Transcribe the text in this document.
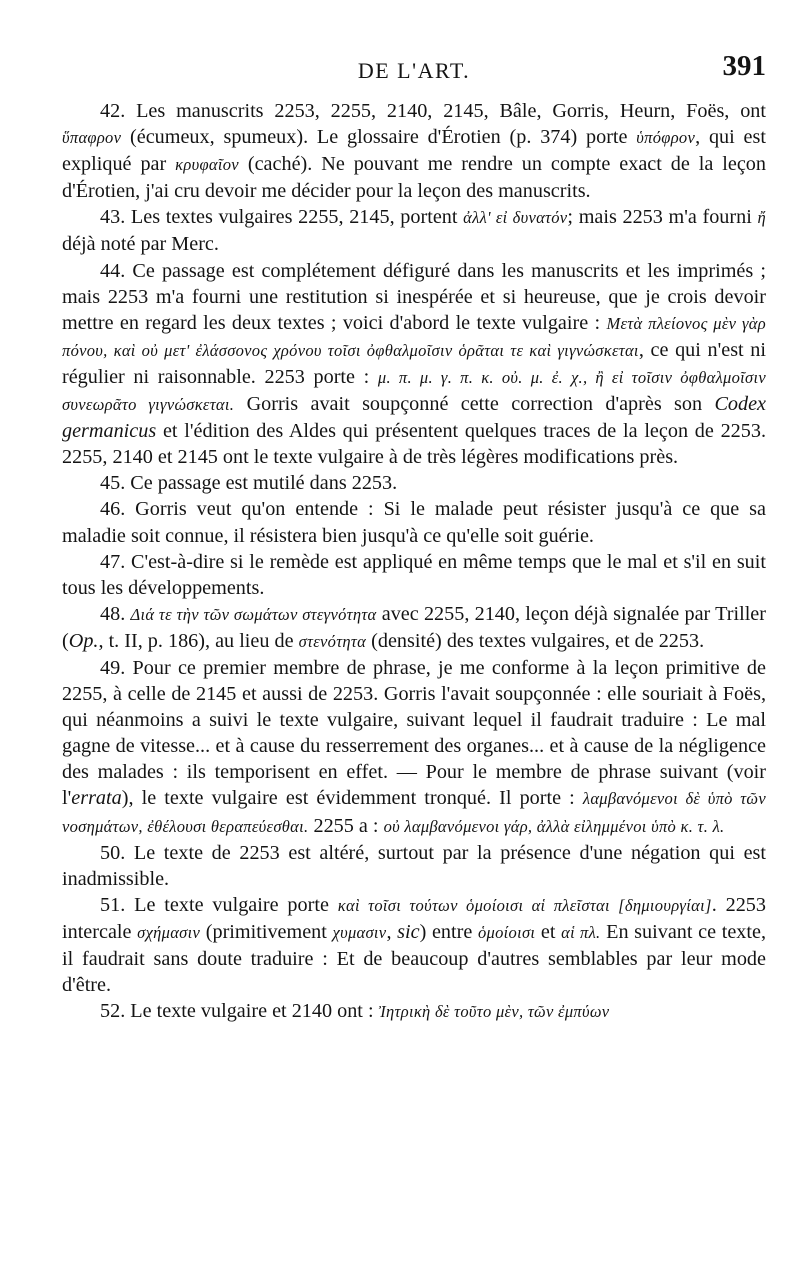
DE L'ART.	391

42. Les manuscrits 2253, 2255, 2140, 2145, Bâle, Gorris, Heurn, Foës, ont ὕπαφρον (écumeux, spumeux). Le glossaire d'Érotien (p. 374) porte ὑπόφρον, qui est expliqué par κρυφαῖον (caché). Ne pouvant me rendre un compte exact de la leçon d'Érotien, j'ai cru devoir me décider pour la leçon des manuscrits.

43. Les textes vulgaires 2255, 2145, portent ἀλλ' εἰ δυνατόν; mais 2253 m'a fourni ἤ déjà noté par Merc.

44. Ce passage est complétement défiguré dans les manuscrits et les imprimés ; mais 2253 m'a fourni une restitution si inespérée et si heureuse, que je crois devoir mettre en regard les deux textes ; voici d'abord le texte vulgaire : Μετὰ πλείονος μὲν γὰρ πόνου, καὶ οὐ μετ' ἐλάσσονος χρόνου τοῖσι ὀφθαλμοῖσιν ὁρᾶται τε καὶ γιγνώσκεται, ce qui n'est ni régulier ni raisonnable. 2253 porte : μ. π. μ. γ. π. κ. οὐ. μ. ἐ. χ., ἢ εἰ τοῖσιν ὀφθαλμοῖσιν συνεωρᾶτο γιγνώσκεται. Gorris avait soupçonné cette correction d'après son Codex germanicus et l'édition des Aldes qui présentent quelques traces de la leçon de 2253. 2255, 2140 et 2145 ont le texte vulgaire à de très légères modifications près.

45. Ce passage est mutilé dans 2253.

46. Gorris veut qu'on entende : Si le malade peut résister jusqu'à ce que sa maladie soit connue, il résistera bien jusqu'à ce qu'elle soit guérie.

47. C'est-à-dire si le remède est appliqué en même temps que le mal et s'il en suit tous les développements.

48. Διά τε τὴν τῶν σωμάτων στεγνότητα avec 2255, 2140, leçon déjà signalée par Triller (Op., t. II, p. 186), au lieu de στενότητα (densité) des textes vulgaires, et de 2253.

49. Pour ce premier membre de phrase, je me conforme à la leçon primitive de 2255, à celle de 2145 et aussi de 2253. Gorris l'avait soupçonnée : elle souriait à Foës, qui néanmoins a suivi le texte vulgaire, suivant lequel il faudrait traduire : Le mal gagne de vitesse... et à cause du resserrement des organes... et à cause de la négligence des malades : ils temporisent en effet. — Pour le membre de phrase suivant (voir l'errata), le texte vulgaire est évidemment tronqué. Il porte : λαμβανόμενοι δὲ ὑπὸ τῶν νοσημάτων, ἐθέλουσι θεραπεύεσθαι. 2255 a : οὐ λαμβανόμενοι γάρ, ἀλλὰ εἰλημμένοι ὑπὸ κ. τ. λ.

50. Le texte de 2253 est altéré, surtout par la présence d'une négation qui est inadmissible.

51. Le texte vulgaire porte καὶ τοῖσι τούτων ὁμοίοισι αἱ πλεῖσται [δημιουργίαι]. 2253 intercale σχήμασιν (primitivement χυμασιν, sic) entre ὁμοίοισι et αἱ πλ. En suivant ce texte, il faudrait sans doute traduire : Et de beaucoup d'autres semblables par leur mode d'être.

52. Le texte vulgaire et 2140 ont : Ἰητρικὴ δὲ τοῦτο μὲν, τῶν ἐμπύων
